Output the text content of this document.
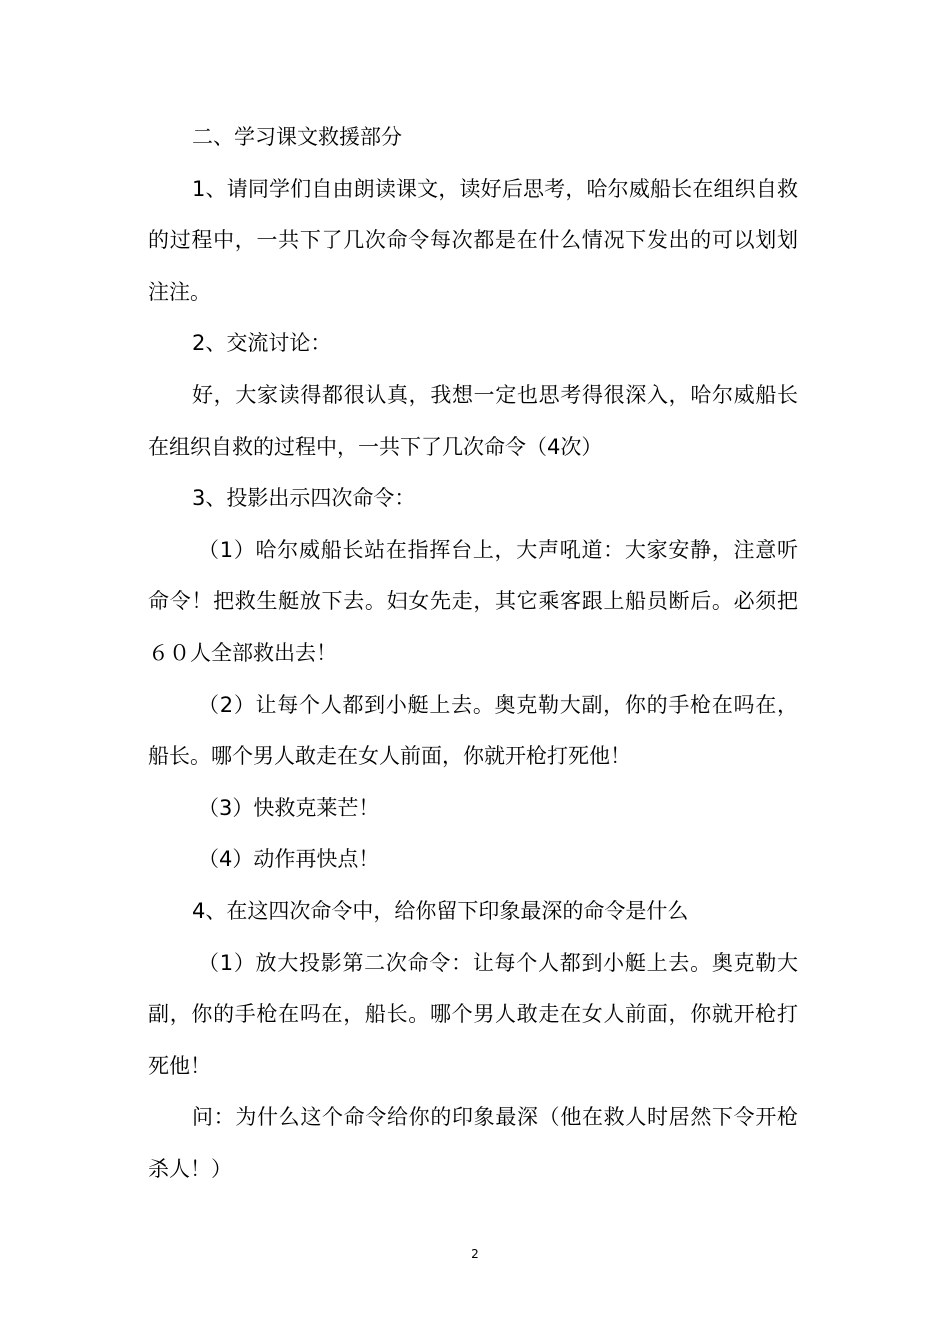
二、学习课文救援部分

1、请同学们自由朗读课文，读好后思考，哈尔威船长在组织自救的过程中，一共下了几次命令每次都是在什么情况下发出的可以划划注注。

2、交流讨论：

好，大家读得都很认真，我想一定也思考得很深入，哈尔威船长在组织自救的过程中，一共下了几次命令（4次）

3、投影出示四次命令：

（1）哈尔威船长站在指挥台上，大声吼道：大家安静，注意听命令！把救生艇放下去。妇女先走，其它乘客跟上船员断后。必须把６０人全部救出去！

（2）让每个人都到小艇上去。奥克勒大副，你的手枪在吗在，船长。哪个男人敢走在女人前面，你就开枪打死他！

（3）快救克莱芒！

（4）动作再快点！

4、在这四次命令中，给你留下印象最深的命令是什么

（1）放大投影第二次命令：让每个人都到小艇上去。奥克勒大副，你的手枪在吗在，船长。哪个男人敢走在女人前面，你就开枪打死他！

问：为什么这个命令给你的印象最深（他在救人时居然下令开枪杀人！）

2
